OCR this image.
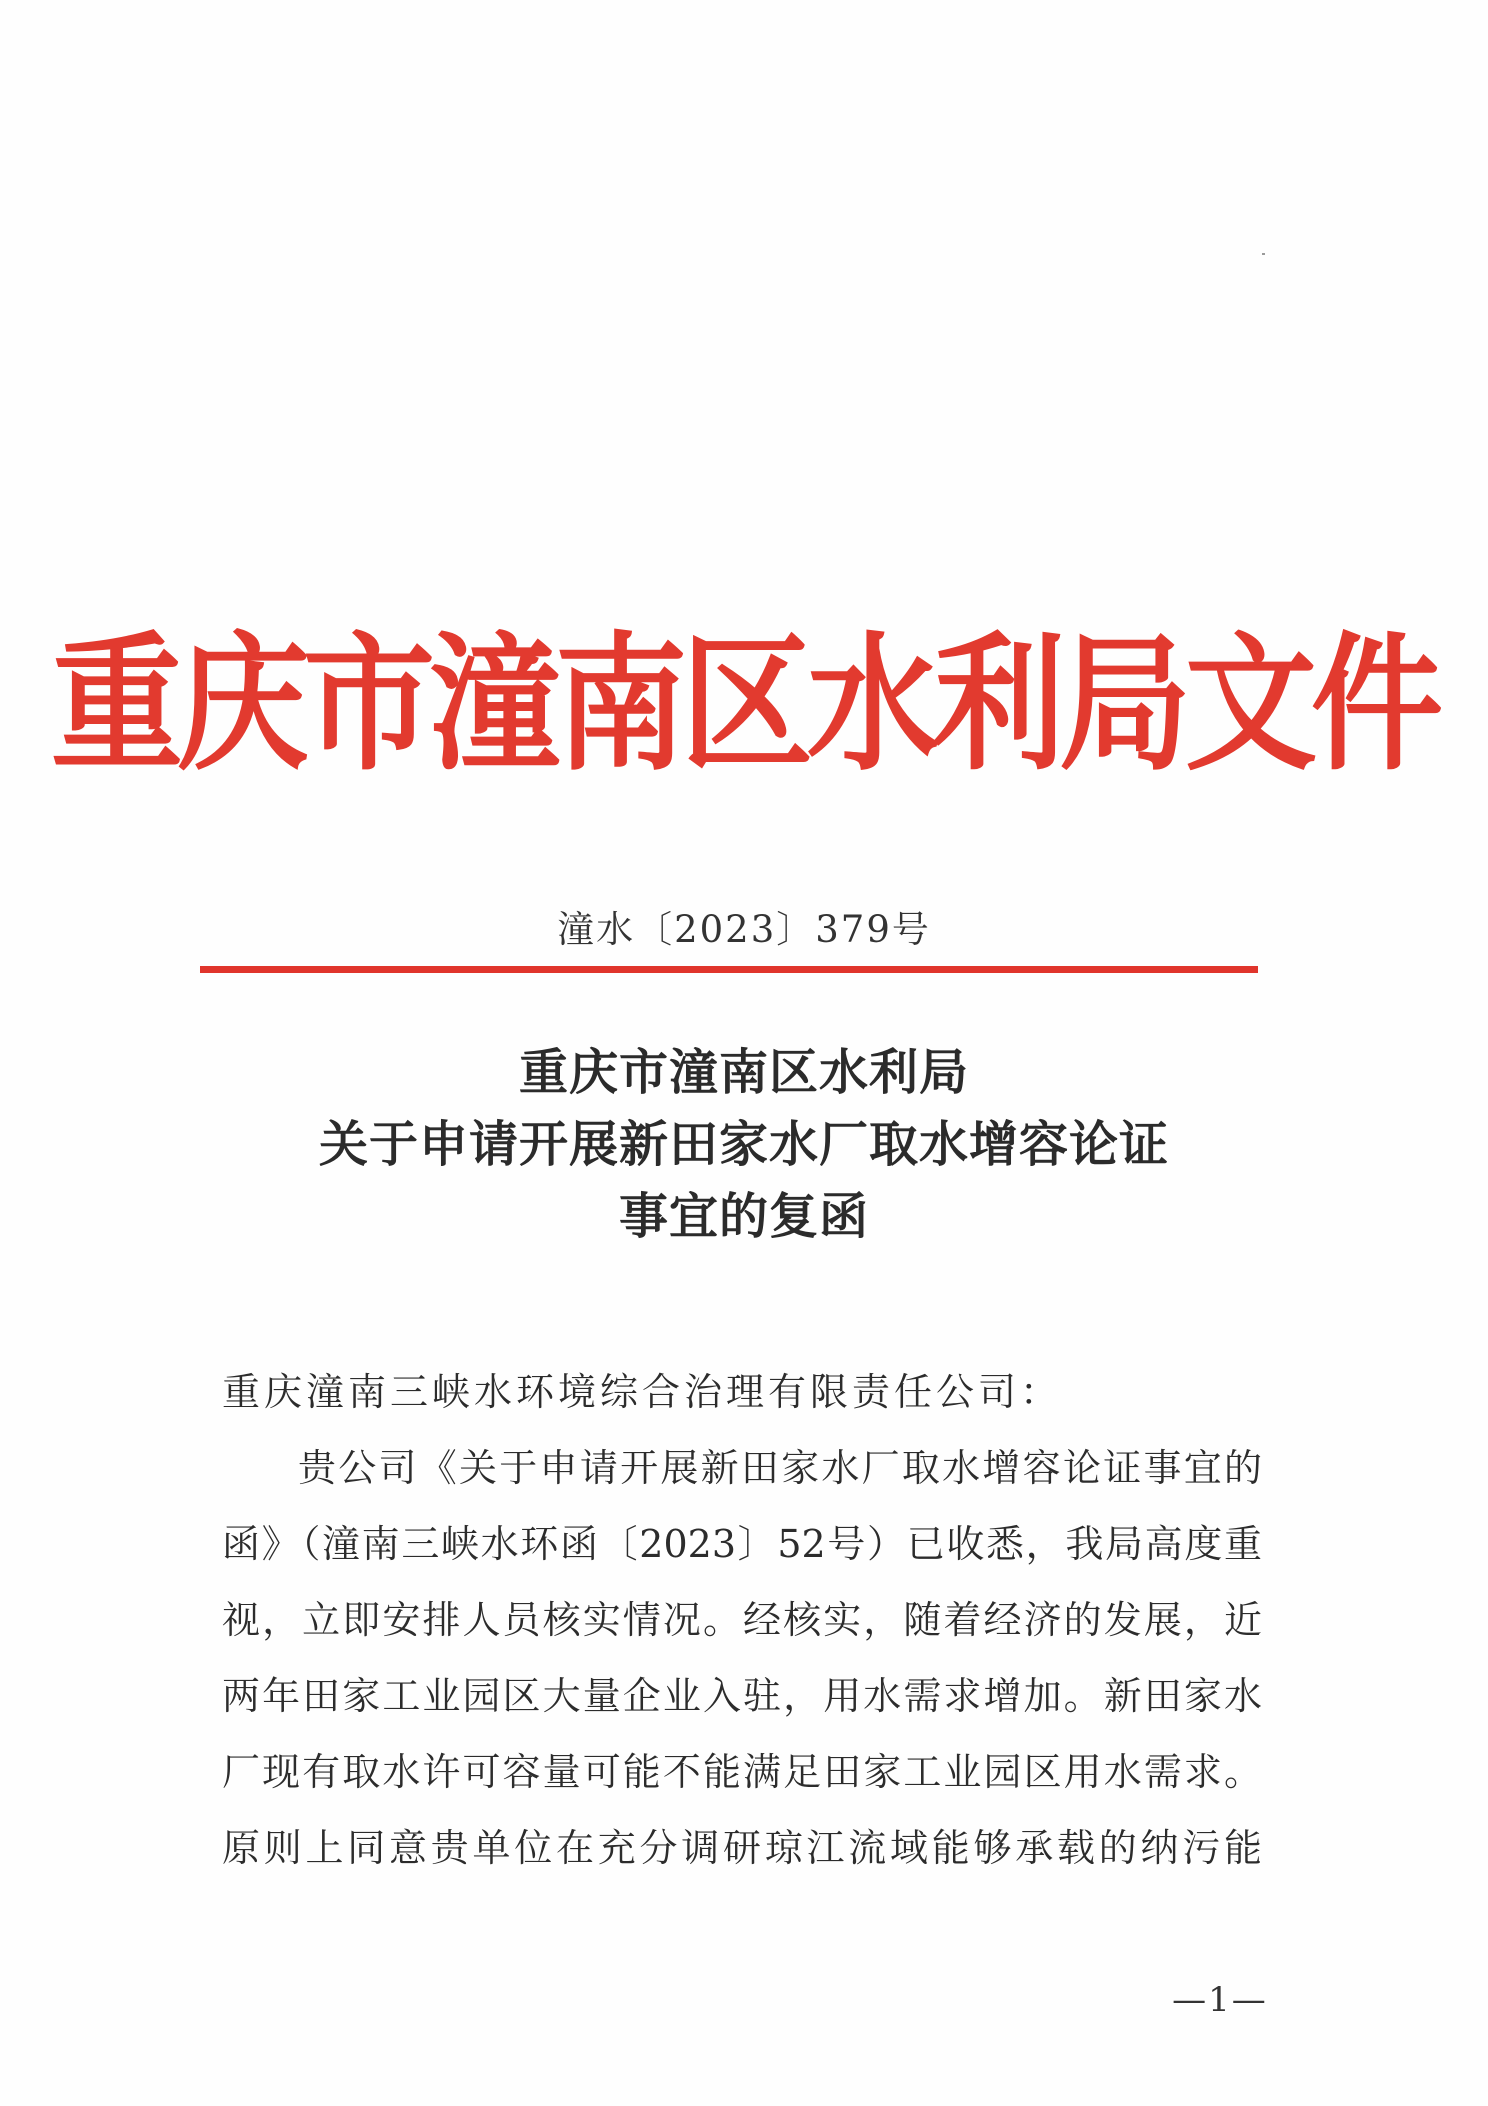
重庆市潼南区水利局文件
潼水〔2023〕379号
重庆市潼南区水利局
关于申请开展新田家水厂取水增容论证
事宜的复函
重庆潼南三峡水环境综合治理有限责任公司：
贵公司《关于申请开展新田家水厂取水增容论证事宜的
函》（潼南三峡水环函〔2023〕52号）已收悉，我局高度重
视，立即安排人员核实情况。经核实，随着经济的发展，近
两年田家工业园区大量企业入驻，用水需求增加。新田家水
厂现有取水许可容量可能不能满足田家工业园区用水需求。
原则上同意贵单位在充分调研琼江流域能够承载的纳污能
—1—
